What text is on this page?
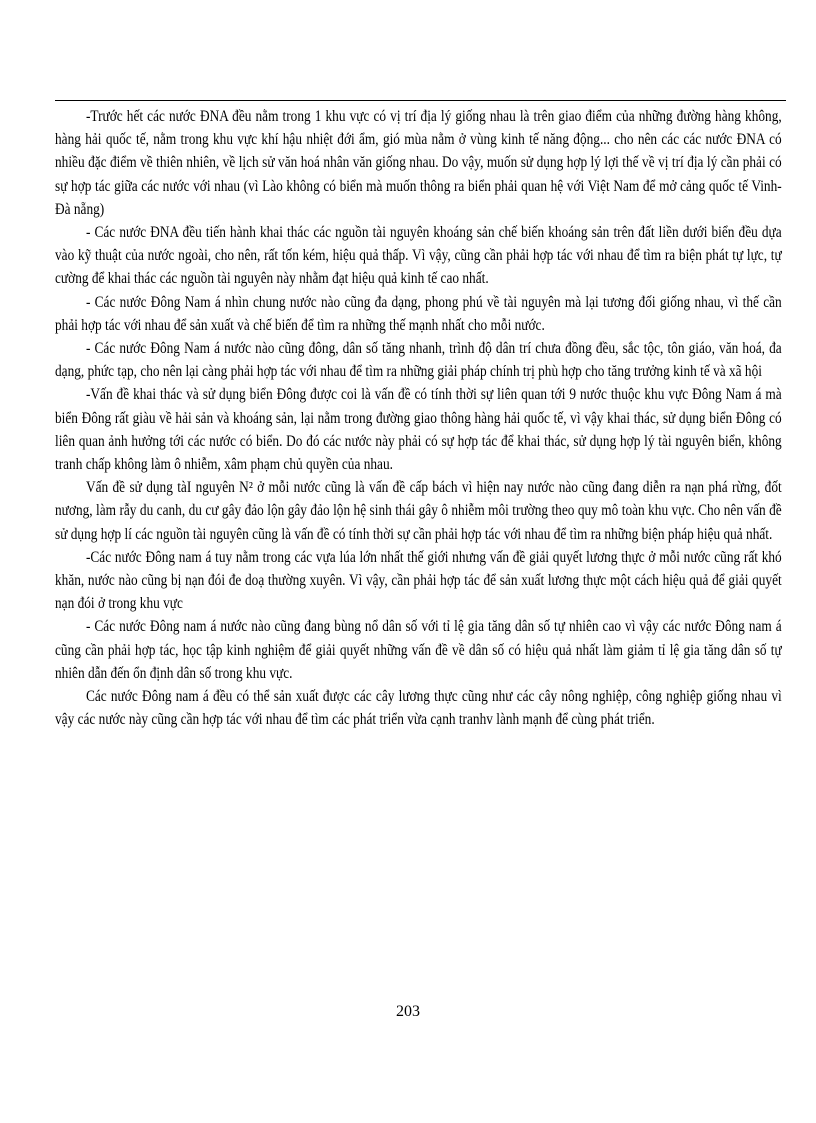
-Trước hết các nước ĐNA đều nằm trong 1 khu vực có vị trí địa lý giống nhau là trên giao điểm của những đường hàng không, hàng hải quốc tế, nằm trong khu vực khí hậu nhiệt đới ẩm, gió mùa nằm ở vùng kinh tế năng động... cho nên các các nước ĐNA có nhiều đặc điểm về thiên nhiên, về lịch sử văn hoá nhân văn giống nhau. Do vậy, muốn sử dụng hợp lý lợi thế về vị trí địa lý cần phải có sự hợp tác giữa các nước với nhau (vì Lào không có biển mà muốn thông ra biển phải quan hệ với Việt Nam để mở cảng quốc tế Vinh- Đà nẵng)

- Các nước ĐNA đều tiến hành khai thác các nguồn tài nguyên khoáng sản chế biến khoáng sản trên đất liền dưới biển đều dựa vào kỹ thuật của nước ngoài, cho nên, rất tốn kém, hiệu quả thấp. Vì vậy, cũng cần phải hợp tác với nhau để tìm ra biện phát tự lực, tự cường để khai thác các nguồn tài nguyên này nhằm đạt hiệu quả kinh tế cao nhất.

- Các nước Đông Nam á nhìn chung nước nào cũng đa dạng, phong phú về tài nguyên mà lại tương đối giống nhau, vì thế cần phải hợp tác với nhau để sản xuất và chế biến để tìm ra những thế mạnh nhất cho mỗi nước.

- Các nước Đông Nam á nước nào cũng đông, dân số tăng nhanh, trình độ dân trí chưa đồng đều, sắc tộc, tôn giáo, văn hoá, đa dạng, phức tạp, cho nên lại càng phải hợp tác với nhau để tìm ra những giải pháp chính trị phù hợp cho tăng trưởng kinh tế và xã hội

-Vấn đề khai thác và sử dụng biển Đông được coi là vấn đề có tính thời sự liên quan tới 9 nước thuộc khu vực Đông Nam á mà biển Đông rất giàu về hải sản và khoáng sản, lại nằm trong đường giao thông hàng hải quốc tế, vì vậy khai thác, sử dụng biển Đông có liên quan ảnh hưởng tới các nước có biển. Do đó các nước này phải có sự hợp tác để khai thác, sử dụng hợp lý tài nguyên biển, không tranh chấp không làm ô nhiễm, xâm phạm chủ quyền của nhau.

Vấn đề sử dụng tàI nguyên N² ở mỗi nước cũng là vấn đề cấp bách vì hiện nay nước nào cũng đang diễn ra nạn phá rừng, đốt nương, làm rẫy du canh, du cư gây đảo lộn gây đảo lộn hệ sinh thái gây ô nhiễm môi trường theo quy mô toàn khu vực. Cho nên vấn đề sử dụng hợp lí các nguồn tài nguyên cũng là vấn đề có tính thời sự cần phải hợp tác với nhau để tìm ra những biện pháp hiệu quả nhất.

-Các nước Đông nam á tuy nằm trong các vựa lúa lớn nhất thế giới nhưng vấn đề giải quyết lương thực ở mỗi nước cũng rất khó khăn, nước nào cũng bị nạn đói đe doạ thường xuyên. Vì vậy, cần phải hợp tác để sản xuất lương thực một cách hiệu quả để giải quyết nạn đói ở trong khu vực

- Các nước Đông nam á nước nào cũng đang bùng nổ dân số với tỉ lệ gia tăng dân số tự nhiên cao vì vậy các nước Đông nam á cũng cần phải hợp tác, học tập kinh nghiệm để giải quyết những vấn đề về dân số có hiệu quả nhất làm giảm tỉ lệ gia tăng dân số tự nhiên dẫn đến ổn định dân số trong khu vực.

Các nước Đông nam á đều có thể sản xuất được các cây lương thực cũng như các cây nông nghiệp, công nghiệp giống nhau vì vậy các nước này cũng cần hợp tác với nhau để tìm các phát triển vừa cạnh tranhv lành mạnh để cùng phát triển.

203
